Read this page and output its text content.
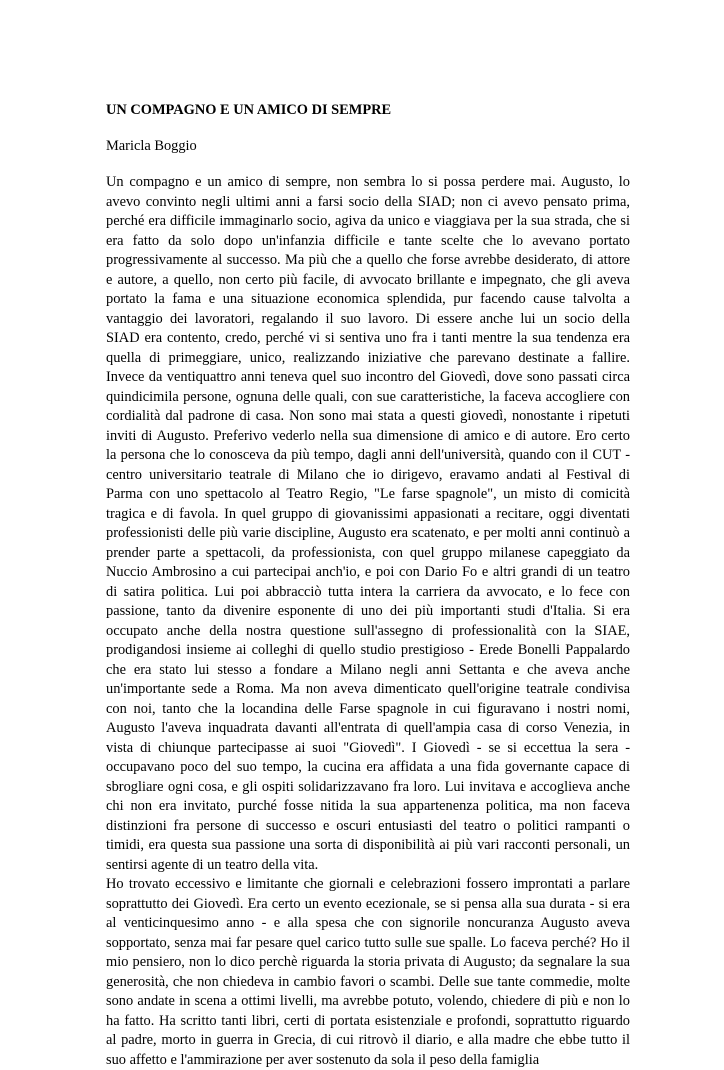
UN COMPAGNO E UN AMICO DI SEMPRE
Maricla Boggio
Un compagno e un amico di sempre, non sembra lo si possa perdere mai. Augusto, lo
avevo convinto negli ultimi anni a farsi socio della SIAD; non ci avevo pensato prima,
perché era difficile immaginarlo socio, agiva da unico e viaggiava per la sua strada, che si
era fatto da solo dopo un'infanzia difficile e tante scelte che lo avevano portato
progressivamente al successo. Ma più che a quello che forse avrebbe desiderato, di attore
e autore, a quello, non certo più facile, di avvocato brillante e impegnato, che gli aveva
portato la fama e una situazione economica splendida, pur facendo cause talvolta a
vantaggio dei lavoratori, regalando il suo lavoro. Di essere anche lui un socio della
SIAD era contento, credo, perché vi si sentiva uno fra i tanti mentre la sua tendenza era
quella di primeggiare, unico, realizzando iniziative che parevano destinate a fallire.
Invece da ventiquattro anni teneva quel suo incontro del Giovedì, dove sono passati circa
quindicimila persone, ognuna delle quali, con sue caratteristiche, la faceva accogliere con
cordialità dal padrone di casa. Non sono mai stata a questi giovedì, nonostante i ripetuti
inviti di Augusto. Preferivo vederlo nella sua dimensione di amico e di autore. Ero certo
la persona che lo conosceva da più tempo, dagli anni dell'università, quando con il CUT -
centro universitario teatrale di Milano che io dirigevo, eravamo andati al Festival di
Parma con uno spettacolo al Teatro Regio, "Le farse spagnole", un misto di comicità
tragica e di favola. In quel gruppo di giovanissimi appasionati a recitare, oggi diventati
professionisti delle più varie discipline, Augusto era scatenato, e per molti anni continuò a
prender parte a spettacoli, da professionista, con quel gruppo milanese capeggiato da
Nuccio Ambrosino a cui partecipai anch'io, e poi con Dario Fo e altri grandi di un teatro
di satira politica. Lui poi abbracciò tutta intera la carriera da avvocato, e lo fece con
passione, tanto da divenire esponente di uno dei più importanti studi d'Italia. Si era
occupato anche della nostra questione sull'assegno di professionalità con la SIAE,
prodigandosi insieme ai colleghi di quello studio prestigioso - Erede Bonelli Pappalardo
che era stato lui stesso a fondare a Milano negli anni Settanta e che aveva anche
un'importante sede a Roma. Ma non aveva dimenticato quell'origine teatrale condivisa
con noi, tanto che la locandina delle Farse spagnole in cui figuravano i nostri nomi,
Augusto l'aveva inquadrata davanti all'entrata di quell'ampia casa di corso Venezia, in
vista di chiunque partecipasse ai suoi "Giovedì". I Giovedì - se si eccettua la sera -
occupavano poco del suo tempo, la cucina era affidata a una fida governante capace di
sbrogliare ogni cosa, e gli ospiti solidarizzavano fra loro. Lui invitava e accoglieva anche
chi non era invitato, purché fosse nitida la sua appartenenza politica, ma non faceva
distinzioni fra persone di successo e oscuri entusiasti del teatro o politici rampanti o
timidi, era questa sua passione una sorta di disponibilità ai più vari racconti personali, un
sentirsi agente di un teatro della vita.
Ho trovato eccessivo e limitante che giornali e celebrazioni fossero improntati a parlare
soprattutto dei Giovedì. Era certo un evento ecezionale, se si pensa alla sua durata - si era
al venticinquesimo anno - e alla spesa che con signorile noncuranza Augusto aveva
sopportato, senza mai far pesare quel carico tutto sulle sue spalle. Lo faceva perché? Ho il
mio pensiero, non lo dico perchè riguarda la storia privata di Augusto; da segnalare la sua
generosità, che non chiedeva in cambio favori o scambi. Delle sue tante commedie, molte
sono andate in scena a ottimi livelli, ma avrebbe potuto, volendo, chiedere di più e non lo
ha fatto. Ha scritto tanti libri, certi di portata esistenziale e profondi, soprattutto riguardo
al padre, morto in guerra in Grecia, di cui ritrovò il diario, e alla madre che ebbe tutto il
suo affetto e l'ammirazione per aver sostenuto da sola il peso della famiglia
